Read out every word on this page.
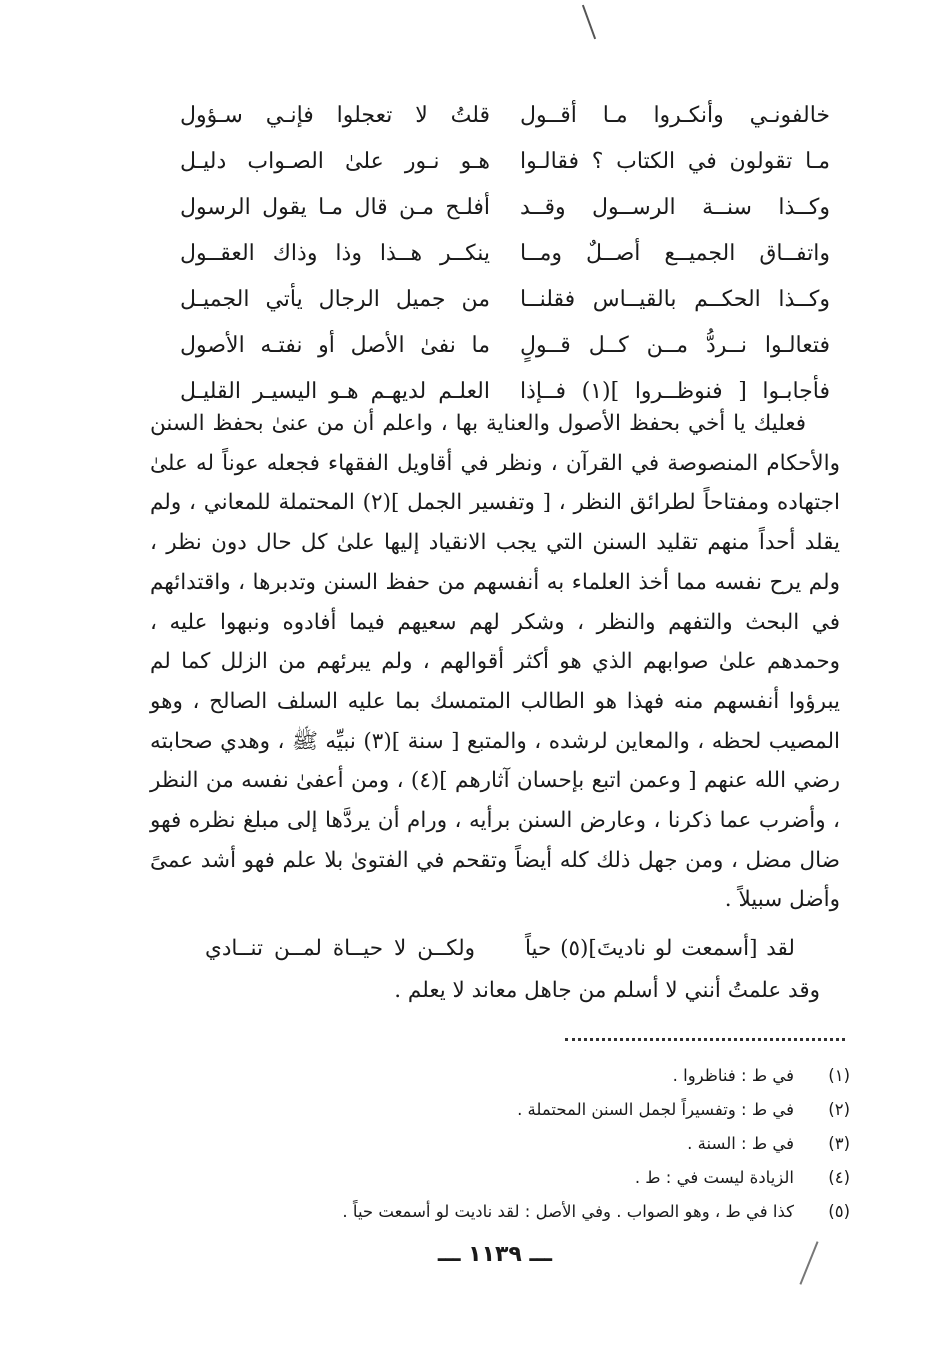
خالفونـي وأنكـروا مـا أقــول
قلتُ لا تعجلوا فإنـي سـؤول
مـا تقولون في الكتاب ؟ فقالـوا
هـو نـور علىٰ الصـواب دليـل
وكــذا سنــة الرســول وقــد
أفلـح مـن قال مـا يقول الرسول
واتفــاق الجميــع أصــلٌ ومــا
ينكــر هــذا وذا وذاك العقــول
وكــذا الحكــم بالقيــاس فقلنــا
من جميل الرجال يأتي الجميـل
فتعالـوا نــردُّ مــن كــل قــولٍ
ما نفىٰ الأصل أو نفتـه الأصول
فأجابـوا [ فنوظــروا ](١) فــإذا
العلـم لديهـم هـو اليسيـر القليـل

فعليك يا أخي بحفظ الأصول والعناية بها ، واعلم أن من عنىٰ بحفظ السنن والأحكام المنصوصة في القرآن ، ونظر في أقاويل الفقهاء فجعله عوناً له علىٰ اجتهاده ومفتاحاً لطرائق النظر ، [ وتفسير الجمل ](٢) المحتملة للمعاني ، ولم يقلد أحداً منهم تقليد السنن التي يجب الانقياد إليها علىٰ كل حال دون نظر ، ولم يرح نفسه مما أخذ العلماء به أنفسهم من حفظ السنن وتدبرها ، واقتدائهم في البحث والتفهم والنظر ، وشكر لهم سعيهم فيما أفادوه ونبهوا عليه ، وحمدهم علىٰ صوابهم الذي هو أكثر أقوالهم ، ولم يبرئهم من الزلل كما لم يبرؤوا أنفسهم منه فهذا هو الطالب المتمسك بما عليه السلف الصالح ، وهو المصيب لحظه ، والمعاين لرشده ، والمتبع [ سنة ](٣) نبيِّه ﷺ ، وهدي صحابته رضي الله عنهم [ وعمن اتبع بإحسان آثارهم ](٤) ، ومن أعفىٰ نفسه من النظر ، وأضرب عما ذكرنا ، وعارض السنن برأيه ، ورام أن يردَّها إلى مبلغ نظره فهو ضال مضل ، ومن جهل ذلك كله أيضاً وتقحم في الفتوىٰ بلا علم فهو أشد عمىً وأضل سبيلاً .

لقد [أسمعت لو ناديتَ](٥) حياً
ولكــن لا حيــاة لمــن تنــادي
وقد علمتُ أنني لا أسلم من جاهل معاند لا يعلم .
(١)
في ط : فناظروا .
(٢)
في ط : وتفسيراً لجمل السنن المحتملة .
(٣)
في ط : السنة .
(٤)
الزيادة ليست في : ط .
(٥)
كذا في ط ، وهو الصواب . وفي الأصل : لقد ناديت لو أسمعت حياً .
ـــ ١١٣٩ ـــ
